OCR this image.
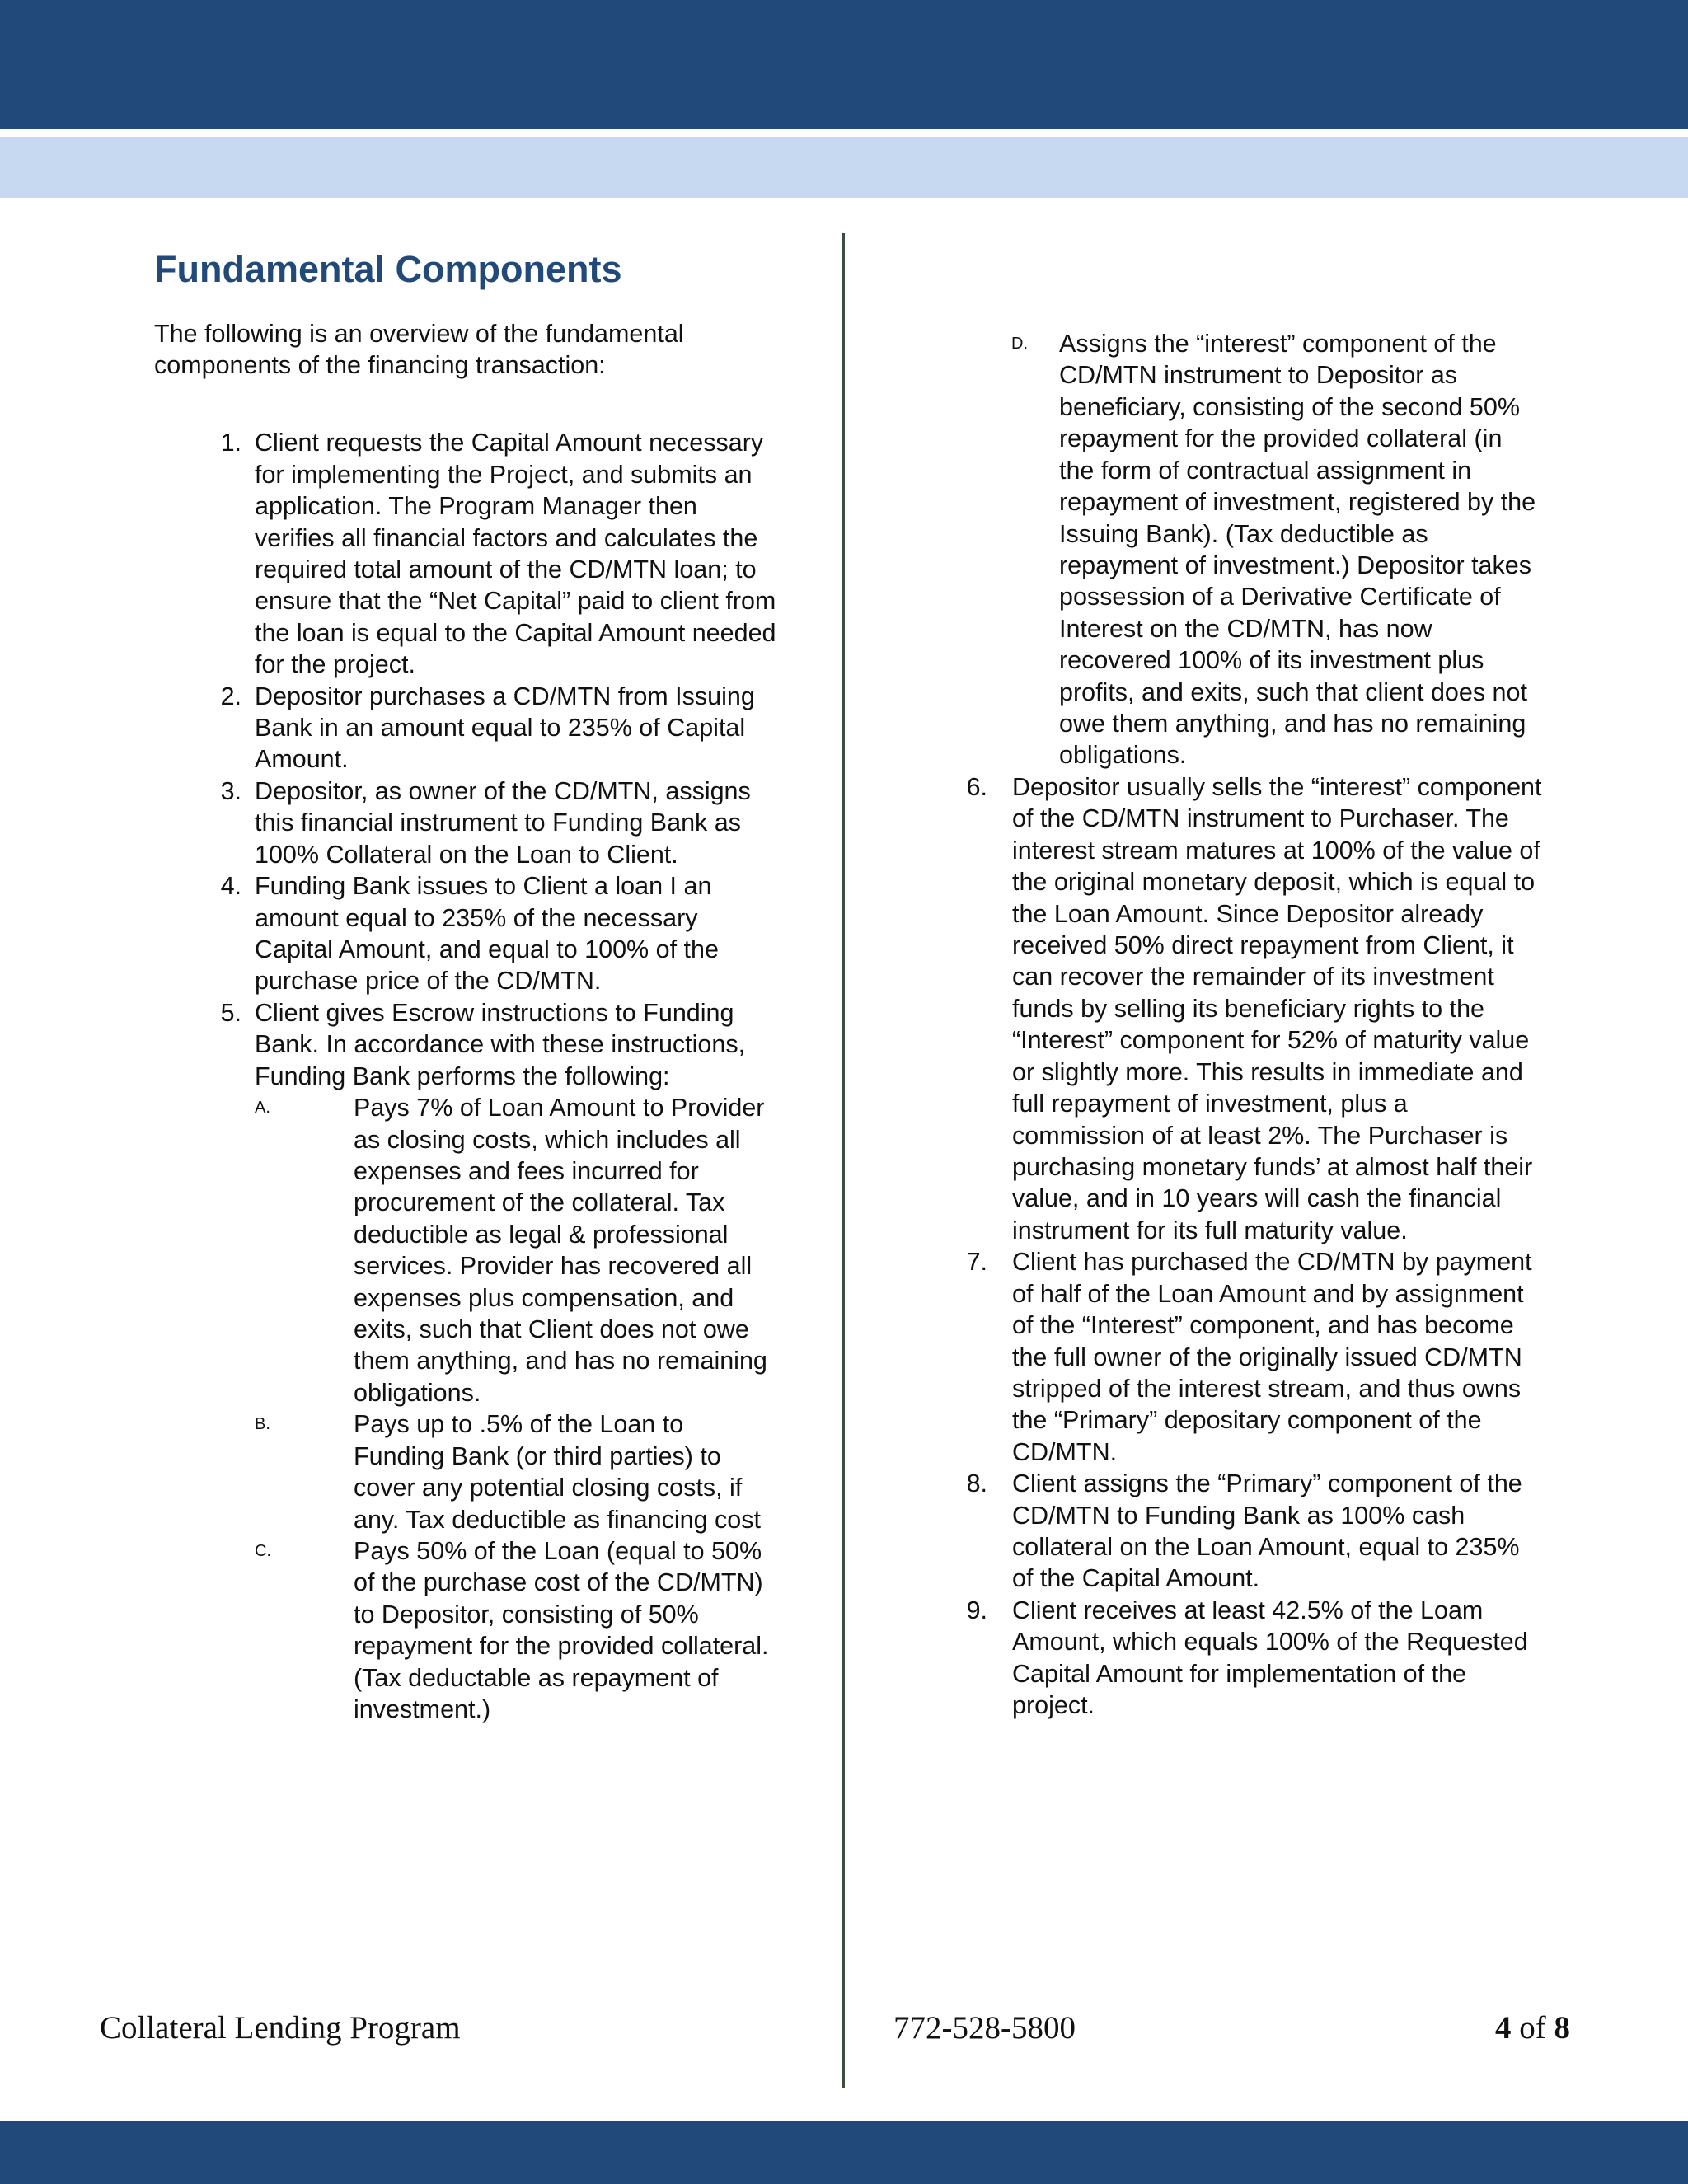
Fundamental Components

The following is an overview of the fundamental components of the financing transaction:

1. Client requests the Capital Amount necessary for implementing the Project, and submits an application. The Program Manager then verifies all financial factors and calculates the required total amount of the CD/MTN loan; to ensure that the “Net Capital” paid to client from the loan is equal to the Capital Amount needed for the project.
2. Depositor purchases a CD/MTN from Issuing Bank in an amount equal to 235% of Capital Amount.
3. Depositor, as owner of the CD/MTN, assigns this financial instrument to Funding Bank as 100% Collateral on the Loan to Client.
4. Funding Bank issues to Client a loan I an amount equal to 235% of the necessary Capital Amount, and equal to 100% of the purchase price of the CD/MTN.
5. Client gives Escrow instructions to Funding Bank. In accordance with these instructions, Funding Bank performs the following:
A.	Pays 7% of Loan Amount to Provider as closing costs, which includes all expenses and fees incurred for procurement of the collateral. Tax deductible as legal & professional services. Provider has recovered all expenses plus compensation, and exits, such that Client does not owe them anything, and has no remaining obligations.
B.	Pays up to .5% of the Loan to Funding Bank (or third parties) to cover any potential closing costs, if any. Tax deductible as financing cost
C.	Pays 50% of the Loan (equal to 50% of the purchase cost of the CD/MTN) to Depositor, consisting of 50% repayment for the provided collateral. (Tax deductable as repayment of investment.)
D. Assigns the “interest” component of the CD/MTN instrument to Depositor as beneficiary, consisting of the second 50% repayment for the provided collateral (in the form of contractual assignment in repayment of investment, registered by the Issuing Bank). (Tax deductible as repayment of investment.) Depositor takes possession of a Derivative Certificate of Interest on the CD/MTN, has now recovered 100% of its investment plus profits, and exits, such that client does not owe them anything, and has no remaining obligations.
6. Depositor usually sells the “interest” component of the CD/MTN instrument to Purchaser. The interest stream matures at 100% of the value of the original monetary deposit, which is equal to the Loan Amount. Since Depositor already received 50% direct repayment from Client, it can recover the remainder of its investment funds by selling its beneficiary rights to the “Interest” component for 52% of maturity value or slightly more. This results in immediate and full repayment of investment, plus a commission of at least 2%. The Purchaser is purchasing monetary funds’ at almost half their value, and in 10 years will cash the financial instrument for its full maturity value.
7. Client has purchased the CD/MTN by payment of half of the Loan Amount and by assignment of the “Interest” component, and has become the full owner of the originally issued CD/MTN stripped of the interest stream, and thus owns the “Primary” depositary component of the CD/MTN.
8. Client assigns the “Primary” component of the CD/MTN to Funding Bank as 100% cash collateral on the Loan Amount, equal to 235% of the Capital Amount.
9. Client receives at least 42.5% of the Loam Amount, which equals 100% of the Requested Capital Amount for implementation of the project.
Collateral Lending Program	772-528-5800	4 of 8
